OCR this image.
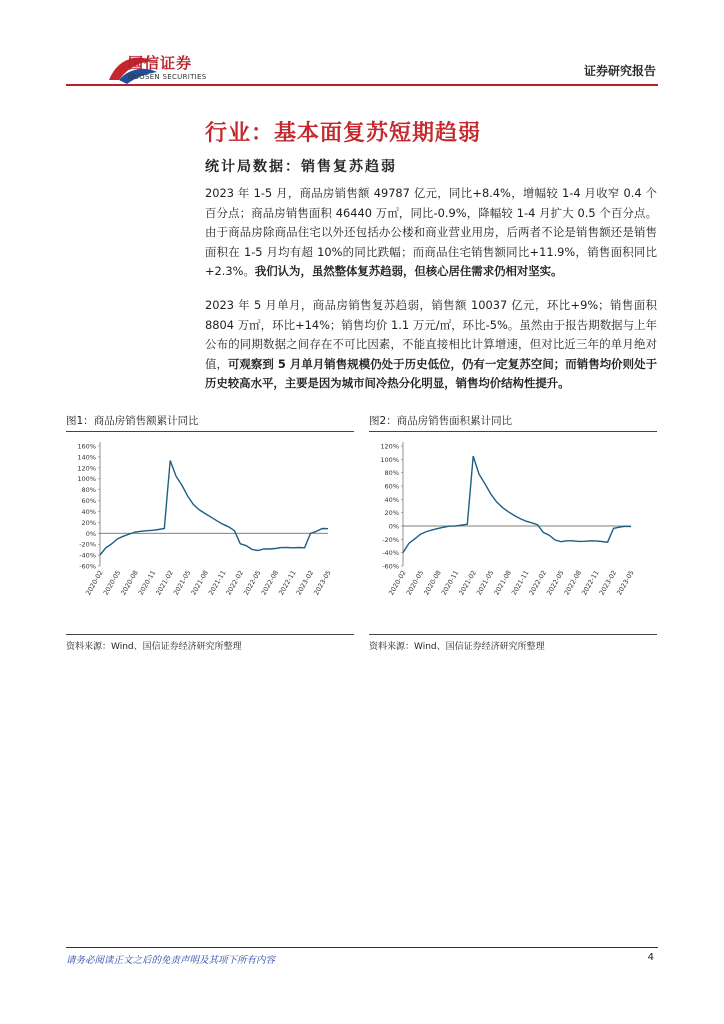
国信证券
GUOSEN SECURITIES	证券研究报告
行业：基本面复苏短期趋弱
统计局数据：销售复苏趋弱
2023 年 1-5 月，商品房销售额 49787 亿元，同比+8.4%，增幅较 1-4 月收窄 0.4 个百分点；商品房销售面积 46440 万㎡，同比-0.9%，降幅较 1-4 月扩大 0.5 个百分点。由于商品房除商品住宅以外还包括办公楼和商业营业用房，后两者不论是销售额还是销售面积在 1-5 月均有超 10%的同比跌幅；而商品住宅销售额同比+11.9%，销售面积同比+2.3%。我们认为，虽然整体复苏趋弱，但核心居住需求仍相对坚实。
2023 年 5 月单月，商品房销售复苏趋弱，销售额 10037 亿元，环比+9%；销售面积 8804 万㎡，环比+14%；销售均价 1.1 万元/㎡，环比-5%。虽然由于报告期数据与上年公布的同期数据之间存在不可比因素，不能直接相比计算增速，但对比近三年的单月绝对值，可观察到 5 月单月销售规模仍处于历史低位，仍有一定复苏空间；而销售均价则处于历史较高水平，主要是因为城市间冷热分化明显，销售均价结构性提升。
图1：商品房销售额累计同比
160%
140%
120%
100%
80%
60%
40%
20%
0%
-20%
-40%
-60%
2020-02
2020-05
2020-08
2020-11
2021-02
2021-05
2021-08
2021-11
2022-02
2022-05
2022-08
2022-11
2023-02
2023-05
资料来源：Wind、国信证券经济研究所整理
图2：商品房销售面积累计同比
120%
100%
80%
60%
40%
20%
0%
-20%
-40%
-60%
2020-02
2020-05
2020-08
2020-11
2021-02
2021-05
2021-08
2021-11
2022-02
2022-05
2022-08
2022-11
2023-02
2023-05
资料来源：Wind、国信证券经济研究所整理
请务必阅读正文之后的免责声明及其项下所有内容	4
